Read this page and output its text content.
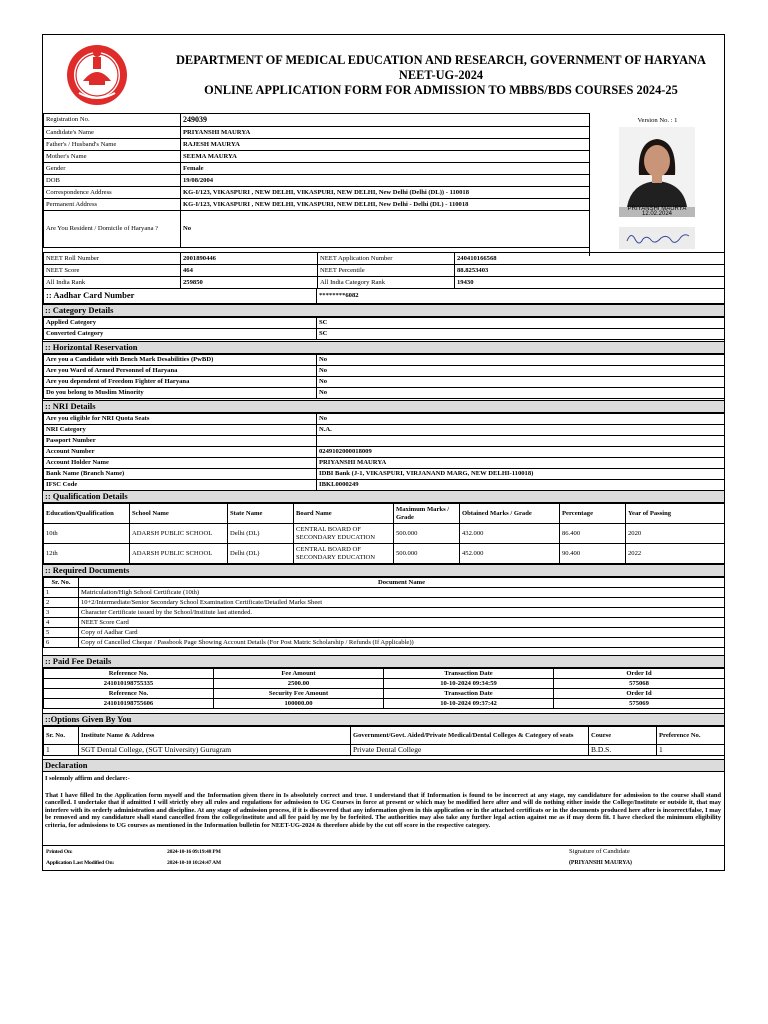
DEPARTMENT OF MEDICAL EDUCATION AND RESEARCH, GOVERNMENT OF HARYANA
NEET-UG-2024
ONLINE APPLICATION FORM FOR ADMISSION TO MBBS/BDS COURSES 2024-25
Registration No.	249039
Candidate's Name	PRIYANSHI MAURYA
Father's / Husband's Name	RAJESH MAURYA
Mother's Name	SEEMA MAURYA
Gender	Female
DOB	19/08/2004
Correspondence Address	KG-I/123, VIKASPURI , NEW DELHI, VIKASPURI, NEW DELHI, New Delhi (Delhi (DL)) - 110018
Permanent Address	KG-I/123, VIKASPURI , NEW DELHI, VIKASPURI, NEW DELHI, New Delhi - Delhi (DL) - 110018
Are You Resident / Domicile of Haryana ?	No
Version No. : 1
PRIYANSHI MAURYA
12.02.2024
NEET Roll Number	2001890446	NEET Application Number	240410166568
NEET Score	464	NEET Percentile	88.8253403
All India Rank	259850	All India Category Rank	19430
:: Aadhar Card Number	********6082
:: Category Details
Applied Category	SC
Converted Category	SC
:: Horizontal Reservation
Are you a Candidate with Bench Mark Desabilities (PwBD)	No
Are you Ward of Armed Personnel of Haryana	No
Are you dependent of Freedom Fighter of Haryana	No
Do you belong to Muslim Minority	No
:: NRI Details
Are you eligible for NRI Quota Seats	No
NRI Category	N.A.
Passport Number	
Account Number	0249102000018009
Account Holder Name	PRIYANSHI MAURYA
Bank Name (Branch Name)	IDBI Bank (J-1, VIKASPURI, VIRJANAND MARG, NEW DELHI-110018)
IFSC Code	IBKL0000249
:: Qualification Details
Education/Qualification	School Name	State Name	Board Name	Maximum Marks / Grade	Obtained Marks / Grade	Percentage	Year of Passing
10th	ADARSH PUBLIC SCHOOL	Delhi (DL)	CENTRAL BOARD OF SECONDARY EDUCATION	500.000	432.000	86.400	2020
12th	ADARSH PUBLIC SCHOOL	Delhi (DL)	CENTRAL BOARD OF SECONDARY EDUCATION	500.000	452.000	90.400	2022
:: Required Documents
Sr. No.	Document Name
1	Matriculation/High School Certificate (10th)
2	10+2/Intermediate/Senior Secondary School Examination Certificate/Detailed Marks Sheet
3	Character Certificate issued by the School/Institute last attended.
4	NEET Score Card
5	Copy of Aadhar Card
6	Copy of Cancelled Cheque / Passbook Page Showing Account Details (For Post Matric Scholarship / Refunds (If Applicable))
:: Paid Fee Details
Reference No.	Fee Amount	Transaction Date	Order Id
241010198755335	2500.00	10-10-2024 09:34:59	575068
Reference No.	Security Fee Amount	Transaction Date	Order Id
241010198755606	100000.00	10-10-2024 09:37:42	575069
::Options Given By You
Sr. No.	Institute Name & Address	Government/Govt. Aided/Private Medical/Dental Colleges & Category of seats	Course	Preference No.
1	SGT Dental College, (SGT University) Gurugram	Private Dental College	B.D.S.	1
Declaration
I solemnly affirm and declare:-
That I have filled In the Application form myself and the Information given there in Is absolutely correct and true. I understand that if Information is found to be incorrect at any stage, my candidature for admission to the course shall stand cancelled. I undertake that if admitted I will strictly obey all rules and regulations for admission to UG Courses in force at present or which may be modified here after and will do nothing either inside the College/Institute or outside it, that may interfere with its orderly administration and discipline. At any stage of admission process, if it is discovered that any information given in this application or in the attached certificats or in the documents produced here after is incorrect/false, I may be removed and my candidature shall stand cancelled from the college/institute and all fee paid by me by be forfeited. The authorities may also take any further legal action against me as if may deem fit. I have checked the minimum eligibility criteria, for admissions to UG courses as mentioned in the Information bulletin for NEET-UG-2024 & therefore abide by the cut off score in the respective category.
Printed On:	2024-10-16 09:19:48 PM
Application Last Modified On:	2024-10-10 10:24:47 AM
Signature of Candidate
(PRIYANSHI MAURYA)
